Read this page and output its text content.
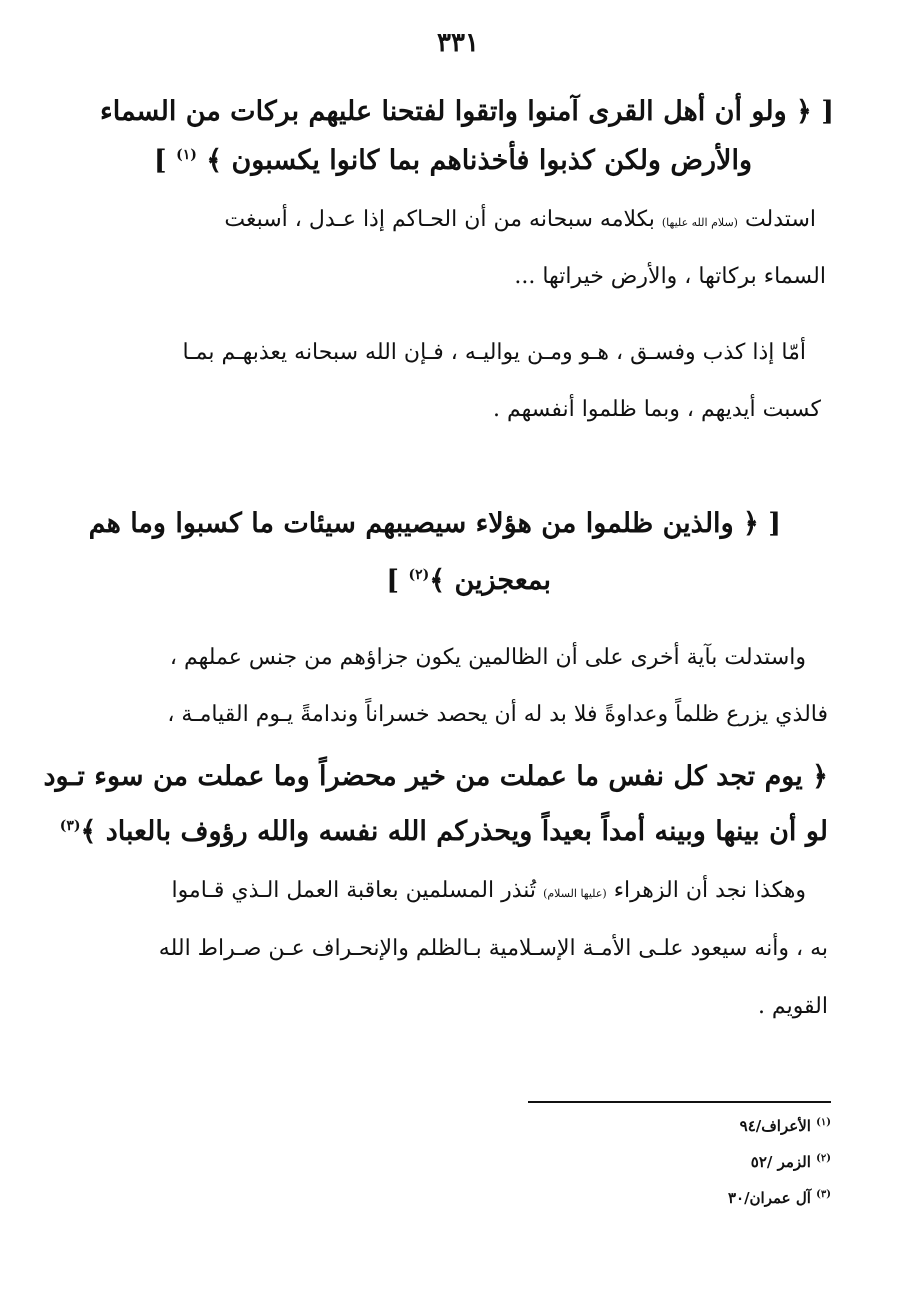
٣٣١
[ ﴿ ولو أن أهل القرى آمنوا واتقوا لفتحنا عليهم بركات من السماء
والأرض ولكن كذبوا فأخذناهم بما كانوا يكسبون ﴾ $^{(١)}$ ]
استدلت (سلام الله عليها) بكلامه سبحانه من أن الحـاكم إذا عـدل ، أسبغت
السماء بركاتها ، والأرض خيراتها ...
أمّا إذا كذب وفسـق ، هـو ومـن يواليـه ، فـإن الله سبحانه يعذبهـم بمـا
كسبت أيديهم ، وبما ظلموا أنفسهم .
[ ﴿ والذين ظلموا من هؤلاء سيصيبهم سيئات ما كسبوا وما هم
بمعجزين ﴾$^{(٢)}$ ]
واستدلت بآية أخرى على أن الظالمين يكون جزاؤهم من جنس عملهم ،
فالذي يزرع ظلماً وعداوةً فلا بد له أن يحصد خسراناً وندامةً يـوم القيامـة ،
﴿ يوم تجد كل نفس ما عملت من خير محضراً وما عملت من سوء تـود
لو أن بينها وبينه أمداً بعيداً ويحذركم الله نفسه والله رؤوف بالعباد ﴾$^{(٣)}$
وهكذا نجد أن الزهراء (عليها السلام) تُنذر المسلمين بعاقبة العمل الـذي قـاموا
به ، وأنه سيعود علـى الأمـة الإسـلامية بـالظلم والإنحـراف عـن صـراط الله
القويم .
$^{(١)}$ الأعراف/٩٤
$^{(٢)}$ الزمر /٥٢
$^{(٣)}$ آل عمران/٣٠
